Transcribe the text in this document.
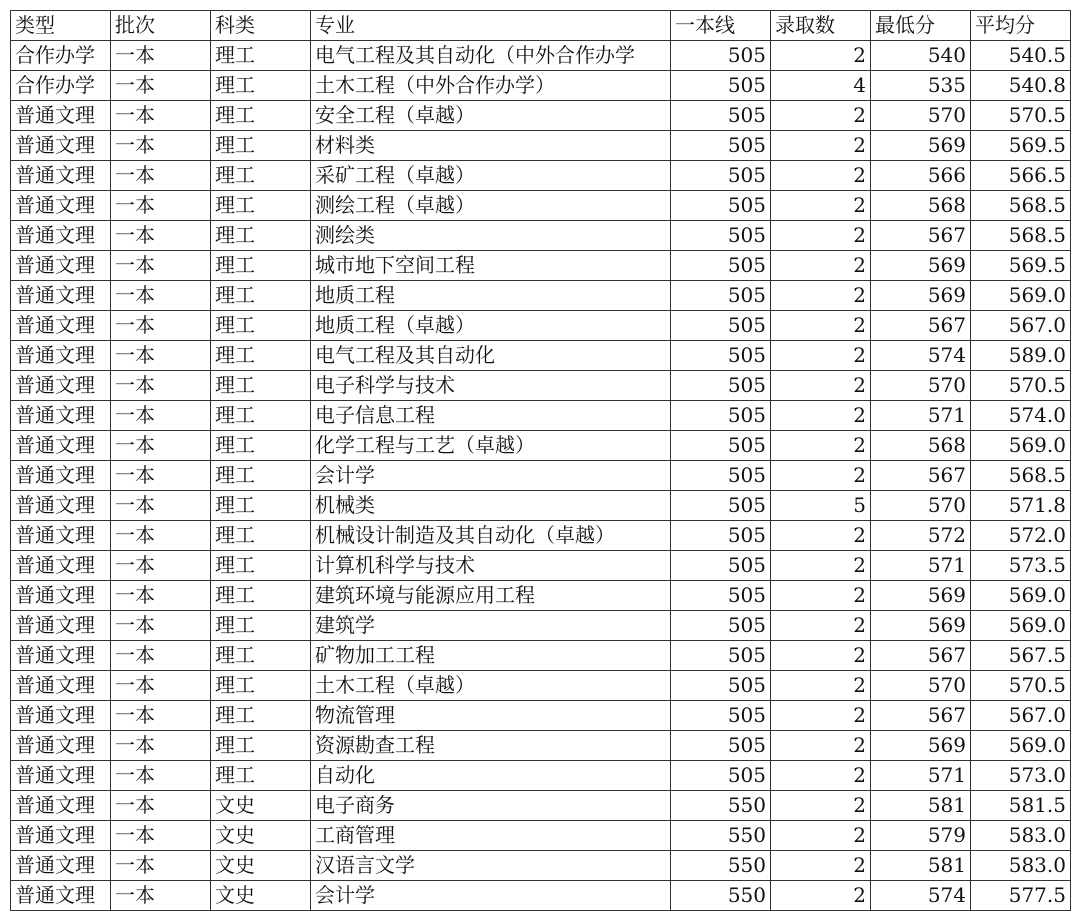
类型	批次	科类	专业	一本线	录取数	最低分	平均分
合作办学	一本	理工	电气工程及其自动化（中外合作办学	505	2	540	540.5
合作办学	一本	理工	土木工程（中外合作办学）	505	4	535	540.8
普通文理	一本	理工	安全工程（卓越）	505	2	570	570.5
普通文理	一本	理工	材料类	505	2	569	569.5
普通文理	一本	理工	采矿工程（卓越）	505	2	566	566.5
普通文理	一本	理工	测绘工程（卓越）	505	2	568	568.5
普通文理	一本	理工	测绘类	505	2	567	568.5
普通文理	一本	理工	城市地下空间工程	505	2	569	569.5
普通文理	一本	理工	地质工程	505	2	569	569.0
普通文理	一本	理工	地质工程（卓越）	505	2	567	567.0
普通文理	一本	理工	电气工程及其自动化	505	2	574	589.0
普通文理	一本	理工	电子科学与技术	505	2	570	570.5
普通文理	一本	理工	电子信息工程	505	2	571	574.0
普通文理	一本	理工	化学工程与工艺（卓越）	505	2	568	569.0
普通文理	一本	理工	会计学	505	2	567	568.5
普通文理	一本	理工	机械类	505	5	570	571.8
普通文理	一本	理工	机械设计制造及其自动化（卓越）	505	2	572	572.0
普通文理	一本	理工	计算机科学与技术	505	2	571	573.5
普通文理	一本	理工	建筑环境与能源应用工程	505	2	569	569.0
普通文理	一本	理工	建筑学	505	2	569	569.0
普通文理	一本	理工	矿物加工工程	505	2	567	567.5
普通文理	一本	理工	土木工程（卓越）	505	2	570	570.5
普通文理	一本	理工	物流管理	505	2	567	567.0
普通文理	一本	理工	资源勘查工程	505	2	569	569.0
普通文理	一本	理工	自动化	505	2	571	573.0
普通文理	一本	文史	电子商务	550	2	581	581.5
普通文理	一本	文史	工商管理	550	2	579	583.0
普通文理	一本	文史	汉语言文学	550	2	581	583.0
普通文理	一本	文史	会计学	550	2	574	577.5
